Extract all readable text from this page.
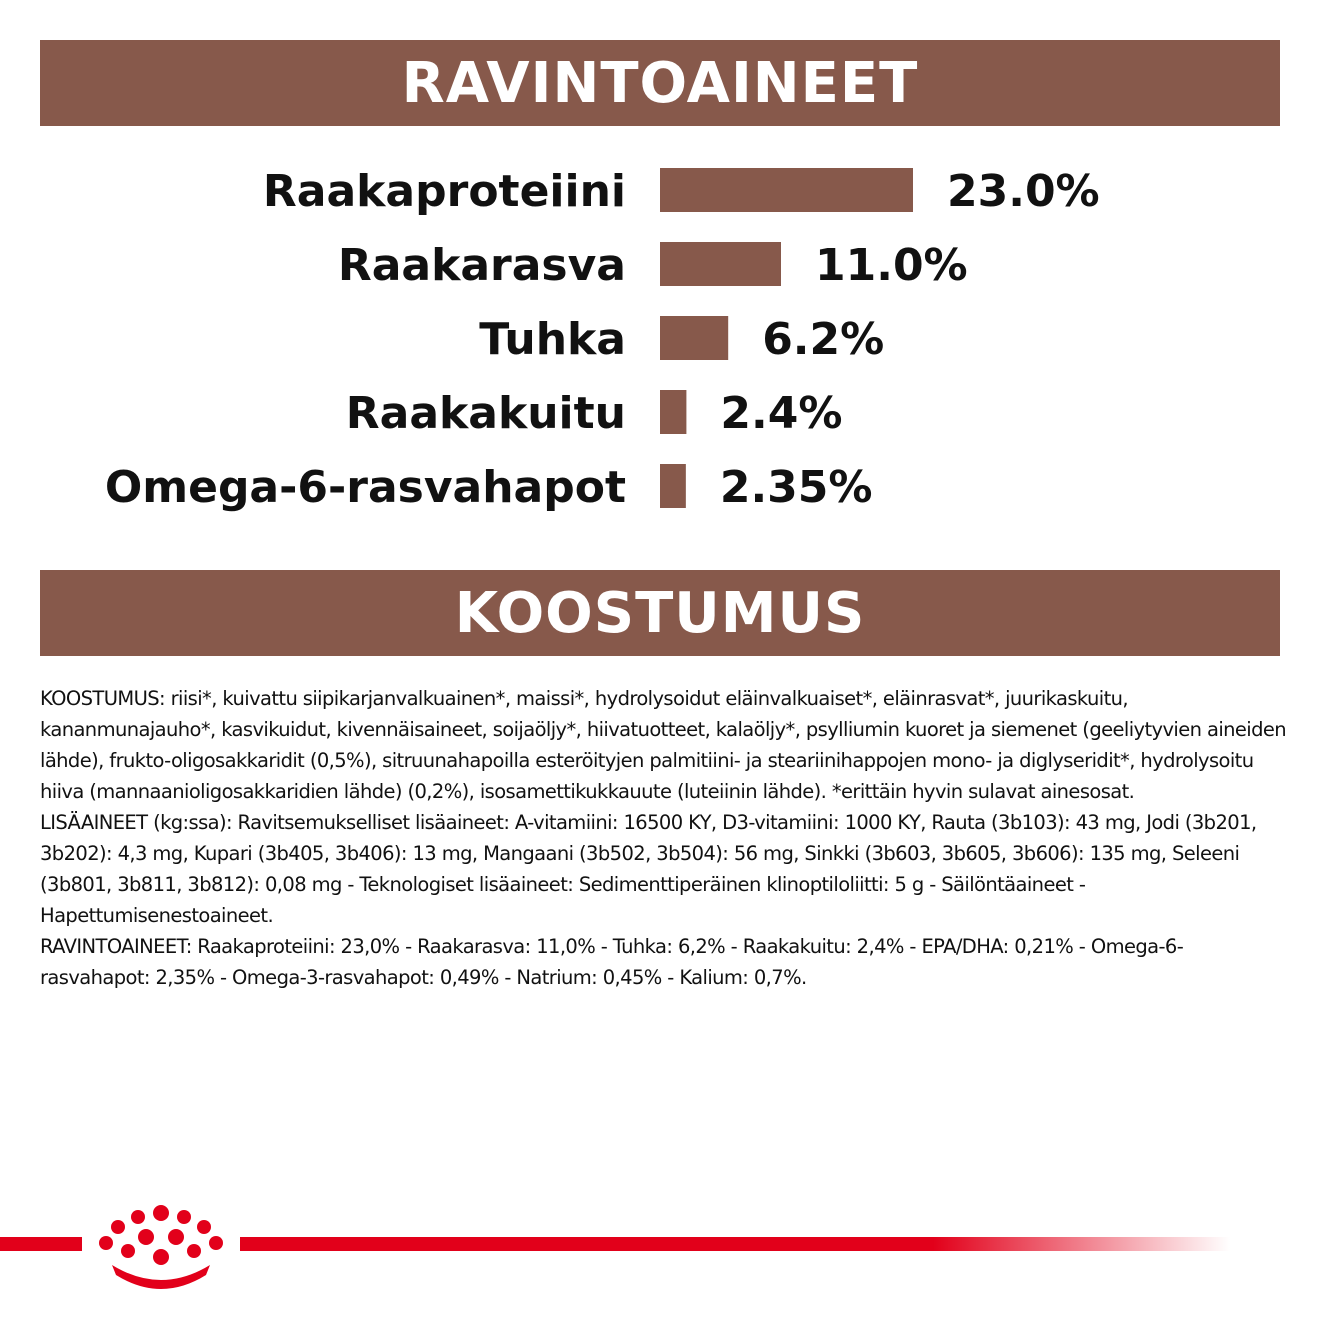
RAVINTOAINEET
Raakaproteiini	23.0%
Raakarasva	11.0%
Tuhka	6.2%
Raakakuitu 2.4%
Omega-6-rasvahapot 2.35%
KOOSTUMUS

KOOSTUMUS: riisi*, kuivattu siipikarjanvalkuainen*, maissi*, hydrolysoidut eläinvalkuaiset*, eläinrasvat*, juurikaskuitu, kananmunajauho*, kasvikuidut, kivennäisaineet, soijaöljy*, hiivatuotteet, kalaöljy*, psylliumin kuoret ja siemenet (geeliytyvien aineiden lähde), frukto-oligosakkaridit (0,5%), sitruunahapoilla esteröityjen palmitiini- ja steariinihappojen mono- ja diglyseridit*, hydrolysoitu hiiva (mannaanioligosakkaridien lähde) (0,2%), isosamettikukkauute (luteiinin lähde). *erittäin hyvin sulavat ainesosat.

LISÄAINEET (kg:ssa): Ravitsemukselliset lisäaineet: A-vitamiini: 16500 KY, D3-vitamiini: 1000 KY, Rauta (3b103): 43 mg, Jodi (3b201, 3b202): 4,3 mg, Kupari (3b405, 3b406): 13 mg, Mangaani (3b502, 3b504): 56 mg, Sinkki (3b603, 3b605, 3b606): 135 mg, Seleeni (3b801, 3b811, 3b812): 0,08 mg - Teknologiset lisäaineet: Sedimenttiperäinen klinoptiloliitti: 5 g - Säilöntäaineet - Hapettumisenestoaineet.

RAVINTOAINEET: Raakaproteiini: 23,0% - Raakarasva: 11,0% - Tuhka: 6,2% - Raakakuitu: 2,4% - EPA/DHA: 0,21% - Omega-6-rasvahapot: 2,35% - Omega-3-rasvahapot: 0,49% - Natrium: 0,45% - Kalium: 0,7%.
